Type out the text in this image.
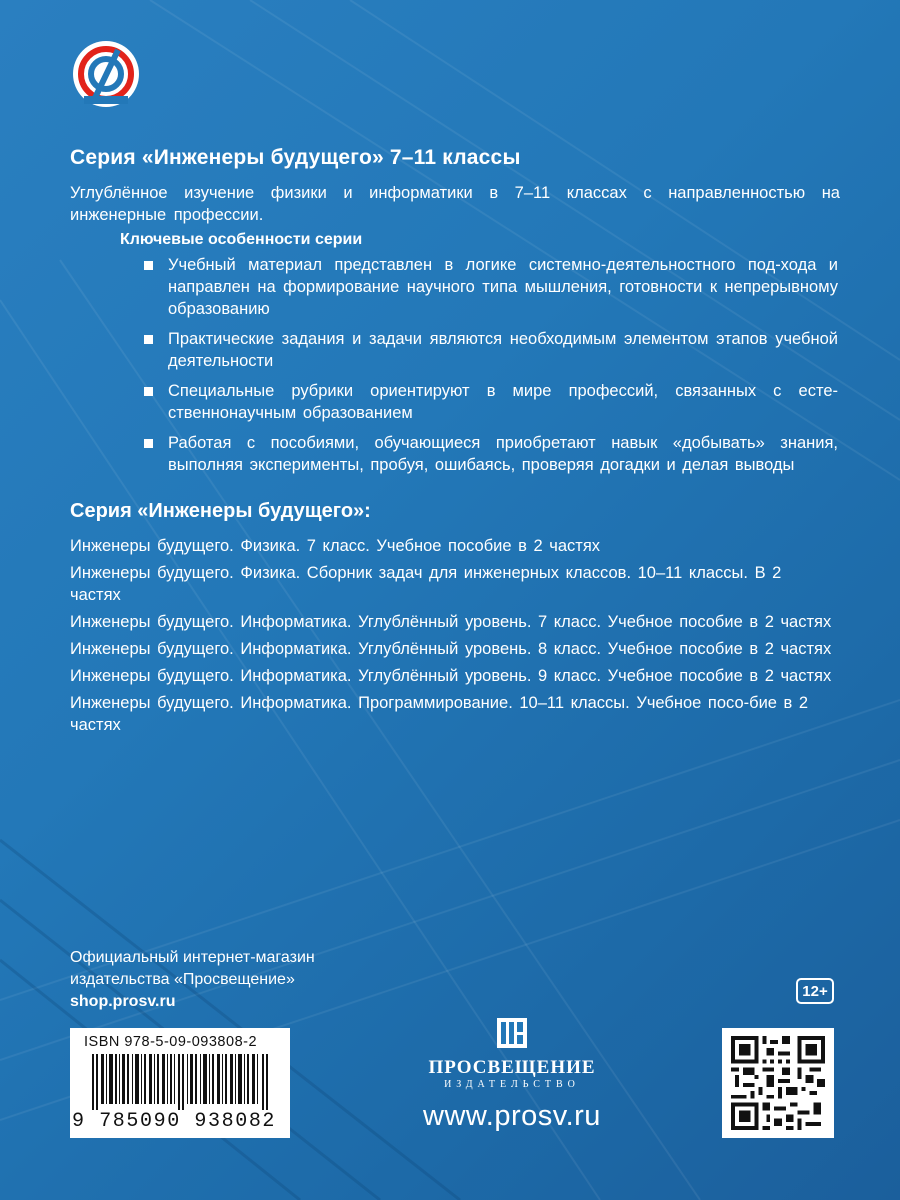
Серия «Инженеры будущего» 7–11 классы
Углублённое изучение физики и информатики в 7–11 классах с направленностью на инженерные профессии.
Ключевые особенности серии
Учебный материал представлен в логике системно-деятельностного под-хода и направлен на формирование научного типа мышления, готовности к непрерывному образованию
Практические задания и задачи являются необходимым элементом этапов учебной деятельности
Специальные рубрики ориентируют в мире профессий, связанных с есте-ственнонаучным образованием
Работая с пособиями, обучающиеся приобретают навык «добывать» знания, выполняя эксперименты, пробуя, ошибаясь, проверяя догадки и делая выводы
Серия «Инженеры будущего»:
Инженеры будущего. Физика. 7 класс. Учебное пособие в 2 частях
Инженеры будущего. Физика. Сборник задач для инженерных классов. 10–11 классы. В 2 частях
Инженеры будущего. Информатика. Углублённый уровень. 7 класс. Учебное пособие в 2 частях
Инженеры будущего. Информатика. Углублённый уровень. 8 класс. Учебное пособие в 2 частях
Инженеры будущего. Информатика. Углублённый уровень. 9 класс. Учебное пособие в 2 частях
Инженеры будущего. Информатика. Программирование. 10–11 классы. Учебное посо-бие в 2 частях
Официальный интернет-магазин
издательства «Просвещение»
shop.prosv.ru
12+
ISBN 978-5-09-093808-2
9 785090 938082
ПРОСВЕЩЕНИЕ
ИЗДАТЕЛЬСТВО
www.prosv.ru
